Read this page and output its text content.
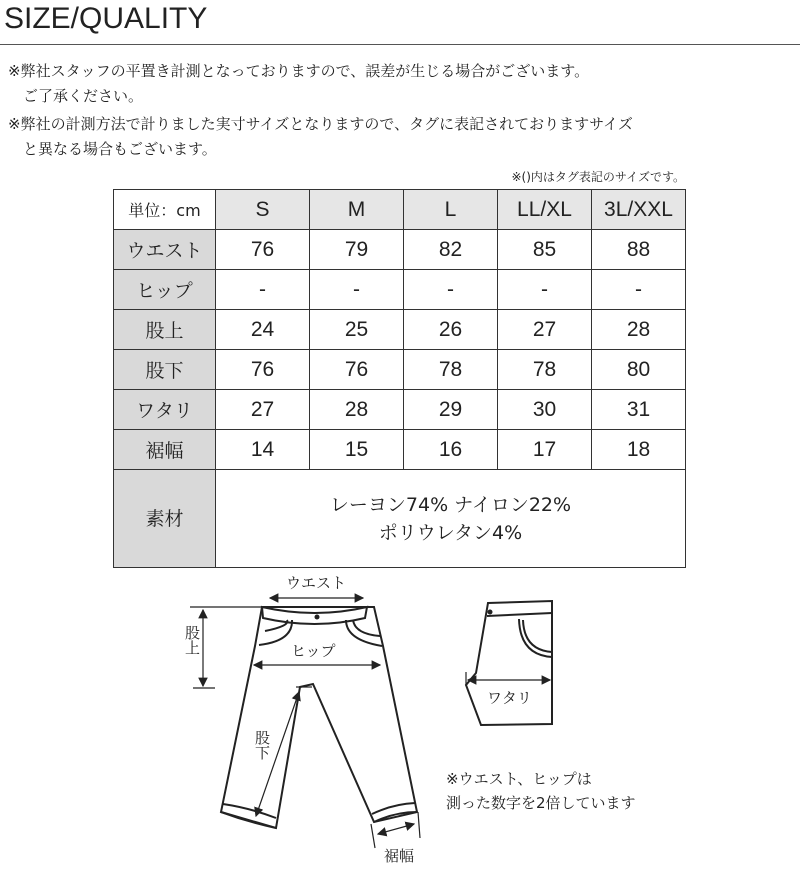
SIZE/QUALITY
※弊社スタッフの平置き計測となっておりますので、誤差が生じる場合がございます。
　ご了承ください。
※弊社の計測方法で計りました実寸サイズとなりますので、タグに表記されておりますサイズ
　と異なる場合もございます。
※()内はタグ表記のサイズです。
単位：cm	S	M	L	LL/XL	3L/XXL
ウエスト	76	79	82	85	88
ヒップ	-	-	-	-	-
股上	24	25	26	27	28
股下	76	76	78	78	80
ワタリ	27	28	29	30	31
裾幅	14	15	16	17	18
素材	レーヨン74% ナイロン22%
ポリウレタン4%				
ウエスト
ヒップ
股上
股下
裾幅
ワタリ
※ウエスト、ヒップは
測った数字を2倍しています
